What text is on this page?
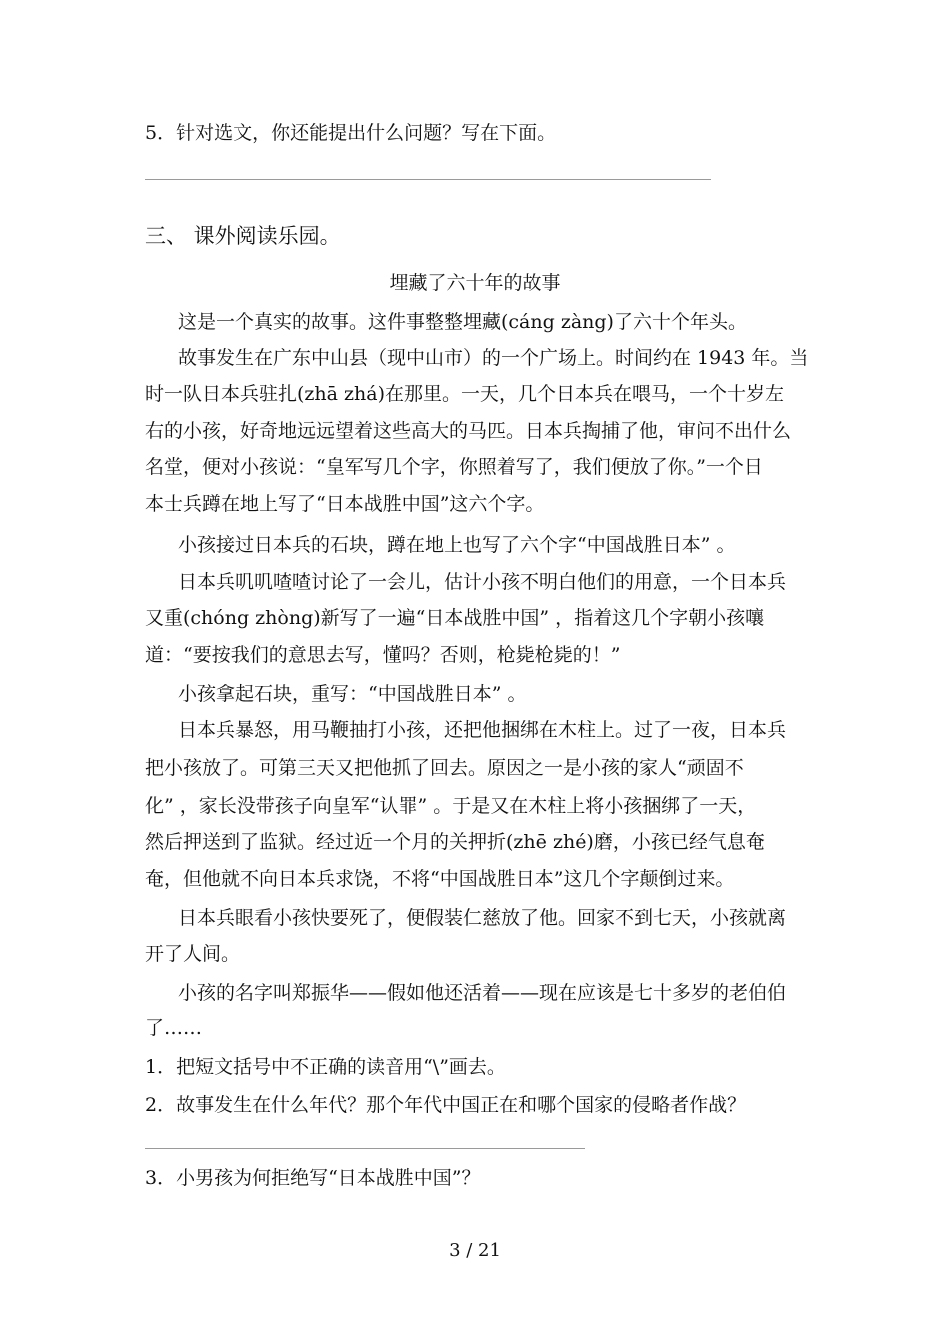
5．针对选文，你还能提出什么问题？写在下面。
三、 课外阅读乐园。
埋藏了六十年的故事
这是一个真实的故事。这件事整整埋藏(cáng zàng)了六十个年头。
故事发生在广东中山县（现中山市）的一个广场上。时间约在 1943 年。当
时一队日本兵驻扎(zhā zhá)在那里。一天，几个日本兵在喂马，一个十岁左
右的小孩，好奇地远远望着这些高大的马匹。日本兵掏捕了他，审问不出什么
名堂，便对小孩说：“皇军写几个字，你照着写了，我们便放了你。”一个日
本士兵蹲在地上写了“日本战胜中国”这六个字。
小孩接过日本兵的石块，蹲在地上也写了六个字“中国战胜日本” 。
日本兵叽叽喳喳讨论了一会儿，估计小孩不明白他们的用意，一个日本兵
又重(chóng zhòng)新写了一遍“日本战胜中国” ，指着这几个字朝小孩嚷
道：“要按我们的意思去写，懂吗？否则，枪毙枪毙的！”
小孩拿起石块，重写：“中国战胜日本” 。
日本兵暴怒，用马鞭抽打小孩，还把他捆绑在木柱上。过了一夜，日本兵
把小孩放了。可第三天又把他抓了回去。原因之一是小孩的家人“顽固不
化” ，家长没带孩子向皇军“认罪” 。于是又在木柱上将小孩捆绑了一天，
然后押送到了监狱。经过近一个月的关押折(zhē zhé)磨，小孩已经气息奄
奄，但他就不向日本兵求饶，不将“中国战胜日本”这几个字颠倒过来。
日本兵眼看小孩快要死了，便假装仁慈放了他。回家不到七天，小孩就离
开了人间。
小孩的名字叫郑振华——假如他还活着——现在应该是七十多岁的老伯伯
了……
1．把短文括号中不正确的读音用“\”画去。
2．故事发生在什么年代？那个年代中国正在和哪个国家的侵略者作战？
3．小男孩为何拒绝写“日本战胜中国”？
3 / 21
